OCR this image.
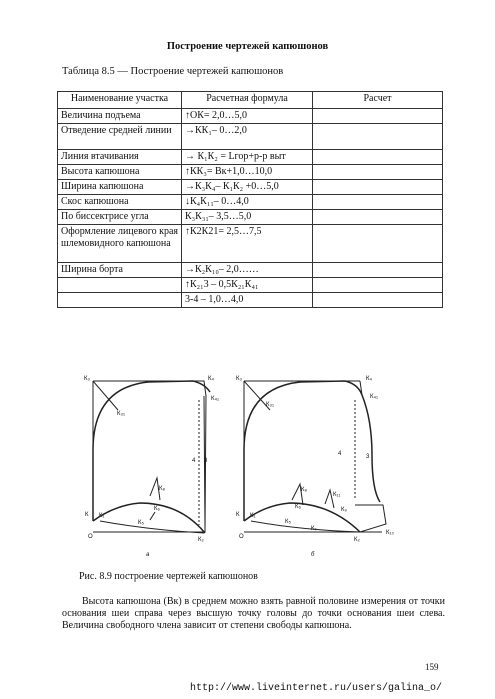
Построение чертежей капюшонов
Таблица 8.5 — Построение чертежей капюшонов
Наименование участка	Расчетная формула	Расчет
Величина подъема	↑ОК= 2,0…5,0	
Отведение средней линии	→КК₁– 0…2,0	
Линия втачивания	→ К₁К₂ = Lгор+р-р выт	
Высота капюшона	↑КК₃= Вк+1,0…10,0	
Ширина капюшона	→К₃К₄– К₁К₂ +0…5,0	
Скос капюшона	↓К₄К₁₁– 0…4,0	
По биссектрисе угла	К₃К₃₁– 3,5…5,0	
Оформление лицевого края шлемовидного капюшона	↑К2К21= 2,5…7,5	
Ширина борта	→К₂К₁₀– 2,0……	
	↑К₂₁3 – 0,5К₂₁К₄₁	
	3-4 – 1,0…4,0	
К₃	К₄
К₄₁
К₃₁
4 3
К₈
К₆
К К₁
К₅
О	К₂
а
К₃	К₄
К₄₁
К₃₁
4	3
К₈
К₆
К₁₁
К₉
К К₁
К₅
К₇
О	К₂
К₁₀
б
Рис. 8.9 построение чертежей капюшонов
Высота капюшона (Вк) в среднем можно взять равной половине измерения от точки основания шеи справа через высшую точку головы до точки основания шеи слева. Величина свободного члена зависит от степени свободы капюшона.
159
http://www.liveinternet.ru/users/galina_o/
